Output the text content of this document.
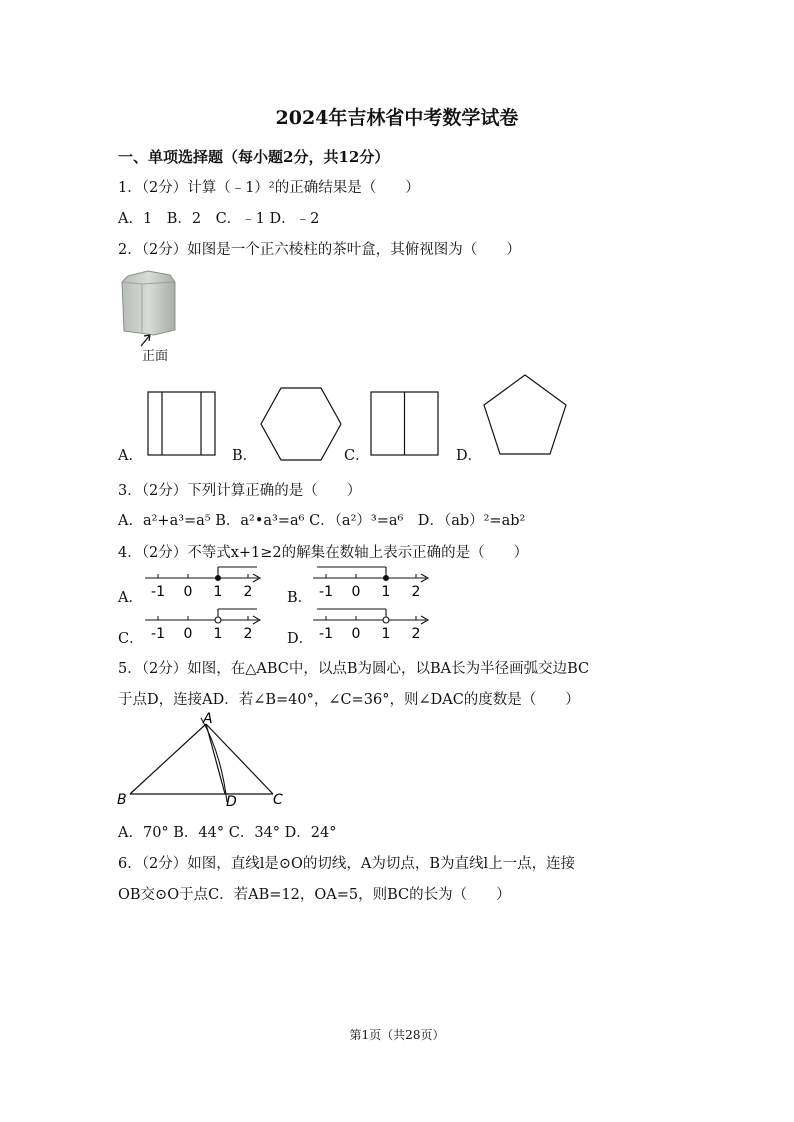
2024年吉林省中考数学试卷
一、单项选择题（每小题2分，共12分）
1．（2分）计算（﹣1）²的正确结果是（　　）
A．1　B．2　C．﹣1 D．﹣2
2．（2分）如图是一个正六棱柱的茶叶盒，其俯视图为（　　）
正面
A．	B．	C．	D．
3．（2分）下列计算正确的是（　　）
A．a²+a³=a⁵ B．a²•a³=a⁶ C．（a²）³=a⁶　D．（ab）²=ab²
4．（2分）不等式x+1≥2的解集在数轴上表示正确的是（　　）
A． -1 0 1 2 B． -1 0 1 2
C． -1 0 1 2 D． -1 0 1 2
5．（2分）如图，在△ABC中，以点B为圆心，以BA长为半径画弧交边BC
于点D，连接AD．若∠B=40°，∠C=36°，则∠DAC的度数是（　　）
A
B	D	C
A．70° B．44° C．34° D．24°
6．（2分）如图，直线l是⊙O的切线，A为切点，B为直线l上一点，连接
OB交⊙O于点C．若AB=12，OA=5，则BC的长为（　　）
第1页（共28页）
